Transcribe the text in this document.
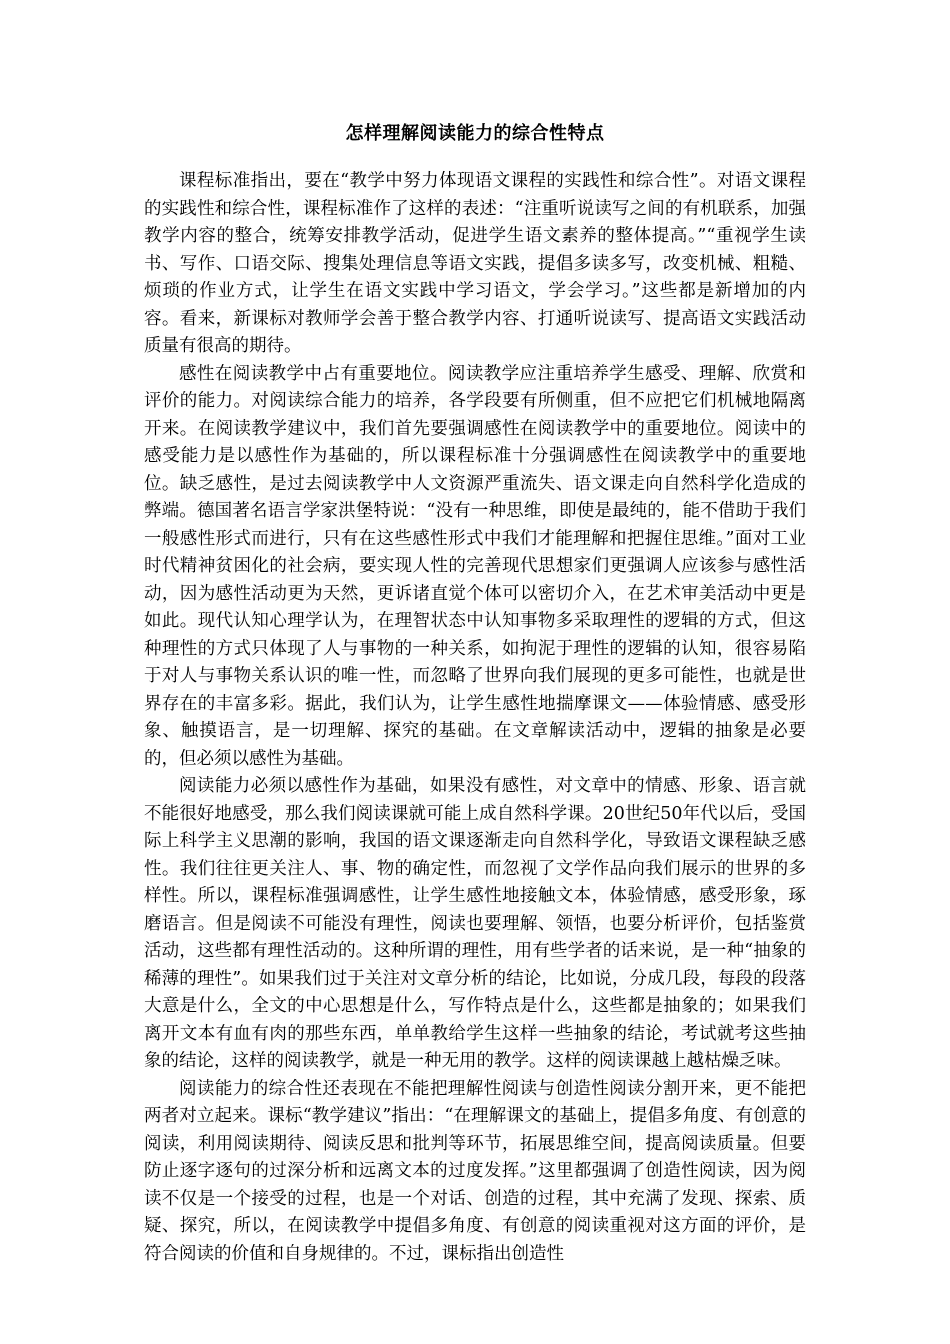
怎样理解阅读能力的综合性特点

课程标准指出，要在“教学中努力体现语文课程的实践性和综合性”。对语文课程的实践性和综合性，课程标准作了这样的表述：“注重听说读写之间的有机联系，加强教学内容的整合，统筹安排教学活动，促进学生语文素养的整体提高。”“重视学生读书、写作、口语交际、搜集处理信息等语文实践，提倡多读多写，改变机械、粗糙、烦琐的作业方式，让学生在语文实践中学习语文，学会学习。”这些都是新增加的内容。看来，新课标对教师学会善于整合教学内容、打通听说读写、提高语文实践活动质量有很高的期待。

感性在阅读教学中占有重要地位。阅读教学应注重培养学生感受、理解、欣赏和评价的能力。对阅读综合能力的培养，各学段要有所侧重，但不应把它们机械地隔离开来。在阅读教学建议中，我们首先要强调感性在阅读教学中的重要地位。阅读中的感受能力是以感性作为基础的，所以课程标准十分强调感性在阅读教学中的重要地位。缺乏感性，是过去阅读教学中人文资源严重流失、语文课走向自然科学化造成的弊端。德国著名语言学家洪堡特说：“没有一种思维，即使是最纯的，能不借助于我们一般感性形式而进行，只有在这些感性形式中我们才能理解和把握住思维。”面对工业时代精神贫困化的社会病，要实现人性的完善现代思想家们更强调人应该参与感性活动，因为感性活动更为天然，更诉诸直觉个体可以密切介入，在艺术审美活动中更是如此。现代认知心理学认为，在理智状态中认知事物多采取理性的逻辑的方式，但这种理性的方式只体现了人与事物的一种关系，如拘泥于理性的逻辑的认知，很容易陷于对人与事物关系认识的唯一性，而忽略了世界向我们展现的更多可能性，也就是世界存在的丰富多彩。据此，我们认为，让学生感性地揣摩课文——体验情感、感受形象、触摸语言，是一切理解、探究的基础。在文章解读活动中，逻辑的抽象是必要的，但必须以感性为基础。

阅读能力必须以感性作为基础，如果没有感性，对文章中的情感、形象、语言就不能很好地感受，那么我们阅读课就可能上成自然科学课。20世纪50年代以后，受国际上科学主义思潮的影响，我国的语文课逐渐走向自然科学化，导致语文课程缺乏感性。我们往往更关注人、事、物的确定性，而忽视了文学作品向我们展示的世界的多样性。所以，课程标准强调感性，让学生感性地接触文本，体验情感，感受形象，琢磨语言。但是阅读不可能没有理性，阅读也要理解、领悟，也要分析评价，包括鉴赏活动，这些都有理性活动的。这种所谓的理性，用有些学者的话来说，是一种“抽象的稀薄的理性”。如果我们过于关注对文章分析的结论，比如说，分成几段，每段的段落大意是什么，全文的中心思想是什么，写作特点是什么，这些都是抽象的；如果我们离开文本有血有肉的那些东西，单单教给学生这样一些抽象的结论，考试就考这些抽象的结论，这样的阅读教学，就是一种无用的教学。这样的阅读课越上越枯燥乏味。

阅读能力的综合性还表现在不能把理解性阅读与创造性阅读分割开来，更不能把两者对立起来。课标“教学建议”指出：“在理解课文的基础上，提倡多角度、有创意的阅读，利用阅读期待、阅读反思和批判等环节，拓展思维空间，提高阅读质量。但要防止逐字逐句的过深分析和远离文本的过度发挥。”这里都强调了创造性阅读，因为阅读不仅是一个接受的过程，也是一个对话、创造的过程，其中充满了发现、探索、质疑、探究，所以，在阅读教学中提倡多角度、有创意的阅读重视对这方面的评价，是符合阅读的价值和自身规律的。不过，课标指出创造性
